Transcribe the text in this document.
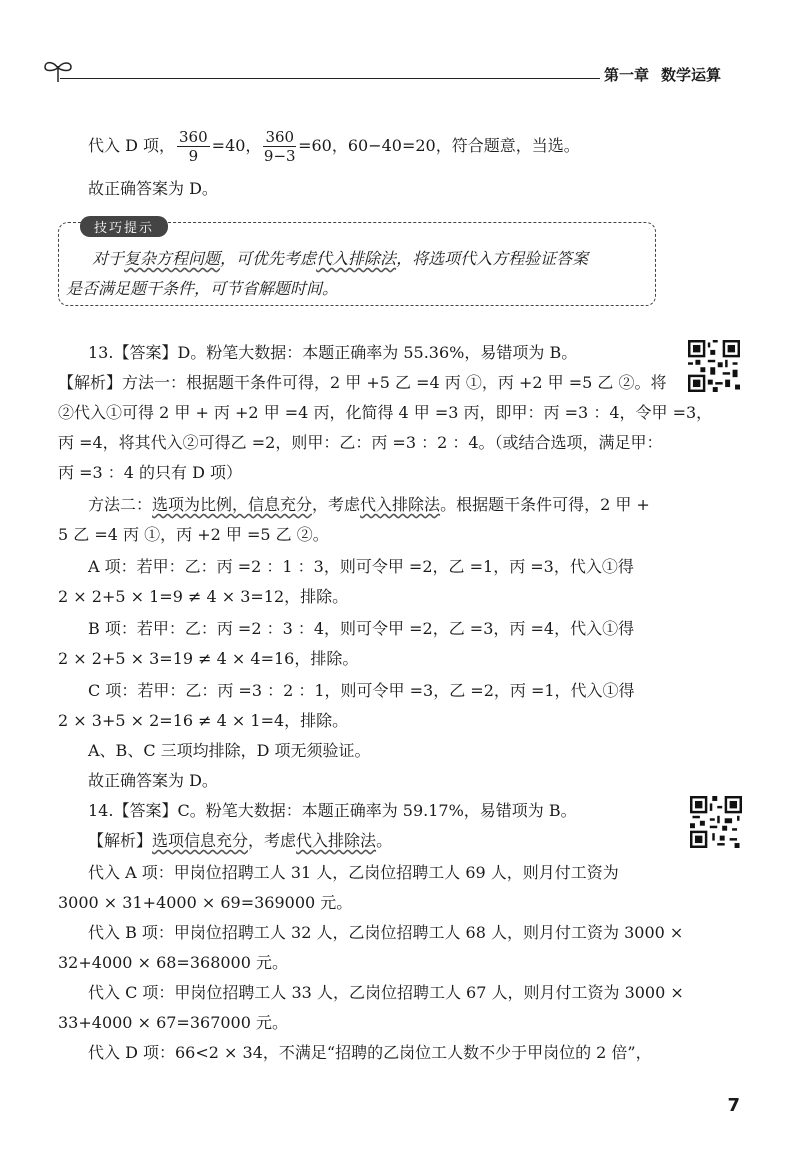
第一章 数学运算
代入 D 项， $\frac{360}{9} =40$， $\frac{360}{9-3} =60$，60−40=20，符合题意，当选。
故正确答案为 D。
技巧提示
对于复杂方程问题，可优先考虑代入排除法，将选项代入方程验证答案
是否满足题干条件，可节省解题时间。
13.【答案】D。粉笔大数据：本题正确率为 55.36%，易错项为 B。
【解析】方法一：根据题干条件可得，2 甲 +5 乙 =4 丙 ①，丙 +2 甲 =5 乙 ②。将
②代入①可得 2 甲 + 丙 +2 甲 =4 丙，化简得 4 甲 =3 丙，即甲：丙 =3 ：4，令甲 =3，
丙 =4，将其代入②可得乙 =2，则甲：乙：丙 =3 ：2 ：4。（或结合选项，满足甲：
丙 =3 ：4 的只有 D 项）
方法二：选项为比例，信息充分，考虑代入排除法。根据题干条件可得，2 甲 +
5 乙 =4 丙 ①，丙 +2 甲 =5 乙 ②。
A 项：若甲：乙：丙 =2 ：1 ：3，则可令甲 =2，乙 =1，丙 =3，代入①得
2 × 2+5 × 1=9 ≠ 4 × 3=12，排除。
B 项：若甲：乙：丙 =2 ：3 ：4，则可令甲 =2，乙 =3，丙 =4，代入①得
2 × 2+5 × 3=19 ≠ 4 × 4=16，排除。
C 项：若甲：乙：丙 =3 ：2 ：1，则可令甲 =3，乙 =2，丙 =1，代入①得
2 × 3+5 × 2=16 ≠ 4 × 1=4，排除。
A、B、C 三项均排除，D 项无须验证。
故正确答案为 D。
14.【答案】C。粉笔大数据：本题正确率为 59.17%，易错项为 B。
【解析】选项信息充分，考虑代入排除法。
代入 A 项：甲岗位招聘工人 31 人，乙岗位招聘工人 69 人，则月付工资为
3000 × 31+4000 × 69=369000 元。
代入 B 项：甲岗位招聘工人 32 人，乙岗位招聘工人 68 人，则月付工资为 3000 ×
32+4000 × 68=368000 元。
代入 C 项：甲岗位招聘工人 33 人，乙岗位招聘工人 67 人，则月付工资为 3000 ×
33+4000 × 67=367000 元。
代入 D 项：66<2 × 34，不满足“招聘的乙岗位工人数不少于甲岗位的 2 倍”，
7
